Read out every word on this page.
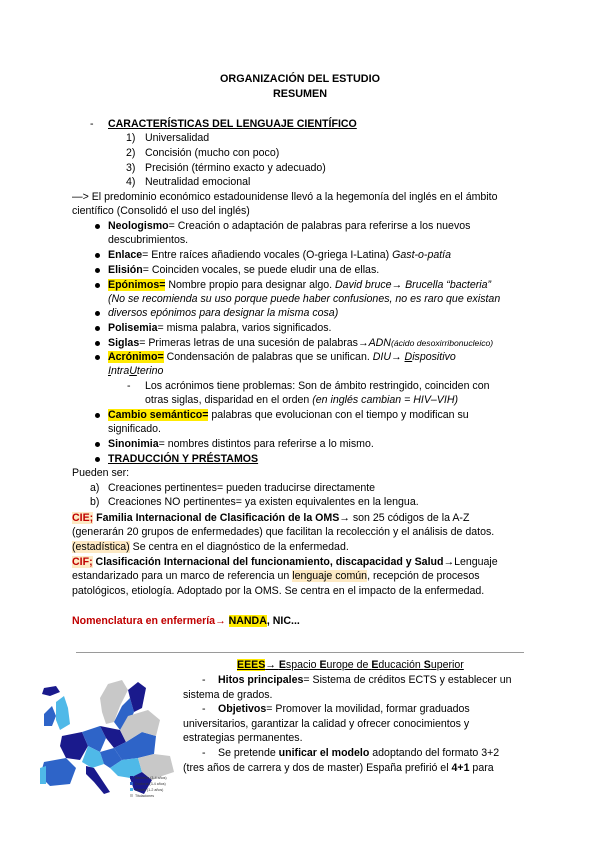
ORGANIZACIÓN DEL ESTUDIO
RESUMEN
- CARACTERÍSTICAS DEL LENGUAJE CIENTÍFICO
1) Universalidad
2) Concisión (mucho con poco)
3) Precisión (término exacto y adecuado)
4) Neutralidad emocional
—> El predominio económico estadounidense llevó a la hegemonía del inglés en el ámbito
científico (Consolidó el uso del inglés)
Neologismo= Creación o adaptación de palabras para referirse a los nuevos
descubrimientos.
Enlace= Entre raíces añadiendo vocales (O-griega I-Latina) Gast-o-patía
Elisión= Coinciden vocales, se puede eludir una de ellas.
Epónimos= Nombre propio para designar algo. David bruce→ Brucella “bacteria”
(No se recomienda su uso porque puede haber confusiones, no es raro que existan
diversos epónimos para designar la misma cosa)
Polisemia= misma palabra, varios significados.
Siglas= Primeras letras de una sucesión de palabras→ADN(ácido desoxirribonucleico)
Acrónimo= Condensación de palabras que se unifican. DIU→ Dispositivo
IntraUterino
- Los acrónimos tiene problemas: Son de ámbito restringido, coinciden con
otras siglas, disparidad en el orden (en inglés cambian = HIV–VIH)
Cambio semántico= palabras que evolucionan con el tiempo y modifican su
significado.
Sinonimia= nombres distintos para referirse a lo mismo.
TRADUCCIÓN Y PRÉSTAMOS
Pueden ser:
a) Creaciones pertinentes= pueden traducirse directamente
b) Creaciones NO pertinentes= ya existen equivalentes en la lengua.
CIE; Familia Internacional de Clasificación de la OMS→ son 25 códigos de la A-Z
(generarán 20 grupos de enfermedades) que facilitan la recolección y el análisis de datos.
(estadística) Se centra en el diagnóstico de la enfermedad.
CIF; Clasificación Internacional del funcionamiento, discapacidad y Salud→Lenguaje
estandarizado para un marco de referencia un lenguaje común, recepción de procesos
patológicos, etiología. Adoptado por la OMS. Se centra en el impacto de la enfermedad.
Nomenclatura en enfermería→ NANDA, NIC...
EEES→ Espacio Europe de Educación Superior
- Hitos principales= Sistema de créditos ECTS y establecer un
sistema de grados.
- Objetivos= Promover la movilidad, formar graduados
universitarios, garantizar la calidad y ofrecer conocimientos y
estrategias permanentes.
- Se pretende unificar el modelo adoptando del formato 3+2
(tres años de carrera y dos de master) España prefirió el 4+1 para
Bachelor (3-4 años)
Doctoral (3-4 años)
Master (1-2 años)
Titulaciones
